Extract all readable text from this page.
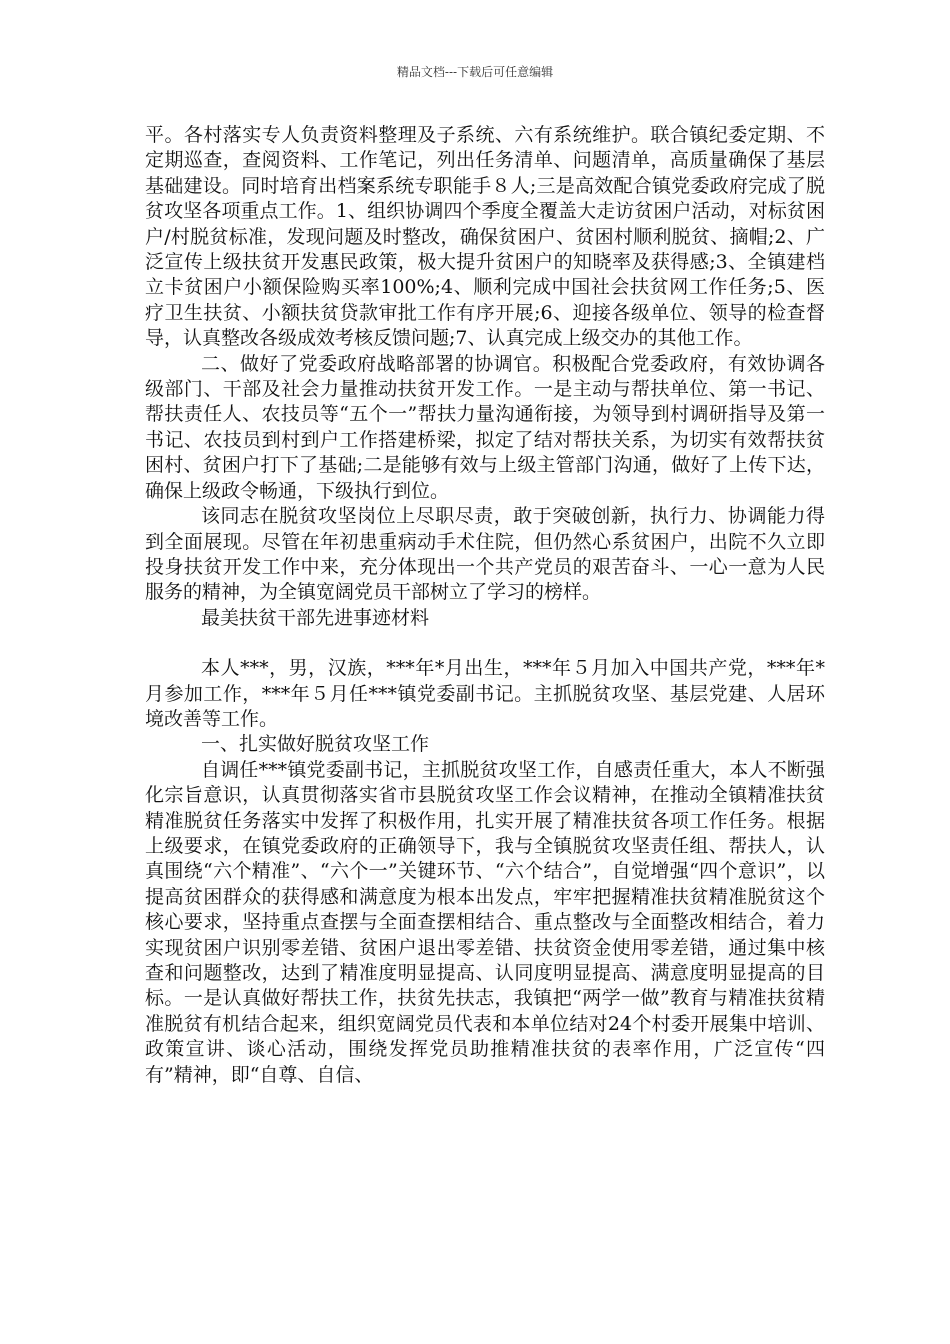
精品文档---下载后可任意编辑

平。各村落实专人负责资料整理及子系统、六有系统维护。联合镇纪委定期、不定期巡查，查阅资料、工作笔记，列出任务清单、问题清单，高质量确保了基层基础建设。同时培育出档案系统专职能手８人;三是高效配合镇党委政府完成了脱贫攻坚各项重点工作。1、组织协调四个季度全覆盖大走访贫困户活动，对标贫困户/村脱贫标准，发现问题及时整改，确保贫困户、贫困村顺利脱贫、摘帽;2、广泛宣传上级扶贫开发惠民政策，极大提升贫困户的知晓率及获得感;3、全镇建档立卡贫困户小额保险购买率100%;4、顺利完成中国社会扶贫网工作任务;5、医疗卫生扶贫、小额扶贫贷款审批工作有序开展;6、迎接各级单位、领导的检查督导，认真整改各级成效考核反馈问题;7、认真完成上级交办的其他工作。

二、做好了党委政府战略部署的协调官。积极配合党委政府，有效协调各级部门、干部及社会力量推动扶贫开发工作。一是主动与帮扶单位、第一书记、帮扶责任人、农技员等“五个一”帮扶力量沟通衔接，为领导到村调研指导及第一书记、农技员到村到户工作搭建桥梁，拟定了结对帮扶关系，为切实有效帮扶贫困村、贫困户打下了基础;二是能够有效与上级主管部门沟通，做好了上传下达，确保上级政令畅通，下级执行到位。

该同志在脱贫攻坚岗位上尽职尽责，敢于突破创新，执行力、协调能力得到全面展现。尽管在年初患重病动手术住院，但仍然心系贫困户，出院不久立即投身扶贫开发工作中来，充分体现出一个共产党员的艰苦奋斗、一心一意为人民服务的精神，为全镇宽阔党员干部树立了学习的榜样。

最美扶贫干部先进事迹材料

本人***，男，汉族，***年*月出生，***年５月加入中国共产党，***年*月参加工作，***年５月任***镇党委副书记。主抓脱贫攻坚、基层党建、人居环境改善等工作。

一、扎实做好脱贫攻坚工作

自调任***镇党委副书记，主抓脱贫攻坚工作，自感责任重大，本人不断强化宗旨意识，认真贯彻落实省市县脱贫攻坚工作会议精神，在推动全镇精准扶贫精准脱贫任务落实中发挥了积极作用，扎实开展了精准扶贫各项工作任务。根据上级要求，在镇党委政府的正确领导下，我与全镇脱贫攻坚责任组、帮扶人，认真围绕“六个精准”、“六个一”关键环节、“六个结合”，自觉增强“四个意识”，以提高贫困群众的获得感和满意度为根本出发点，牢牢把握精准扶贫精准脱贫这个核心要求，坚持重点查摆与全面查摆相结合、重点整改与全面整改相结合，着力实现贫困户识别零差错、贫困户退出零差错、扶贫资金使用零差错，通过集中核查和问题整改，达到了精准度明显提高、认同度明显提高、满意度明显提高的目标。一是认真做好帮扶工作，扶贫先扶志，我镇把“两学一做”教育与精准扶贫精准脱贫有机结合起来，组织宽阔党员代表和本单位结对24个村委开展集中培训、政策宣讲、谈心活动，围绕发挥党员助推精准扶贫的表率作用，广泛宣传“四有”精神，即“自尊、自信、
